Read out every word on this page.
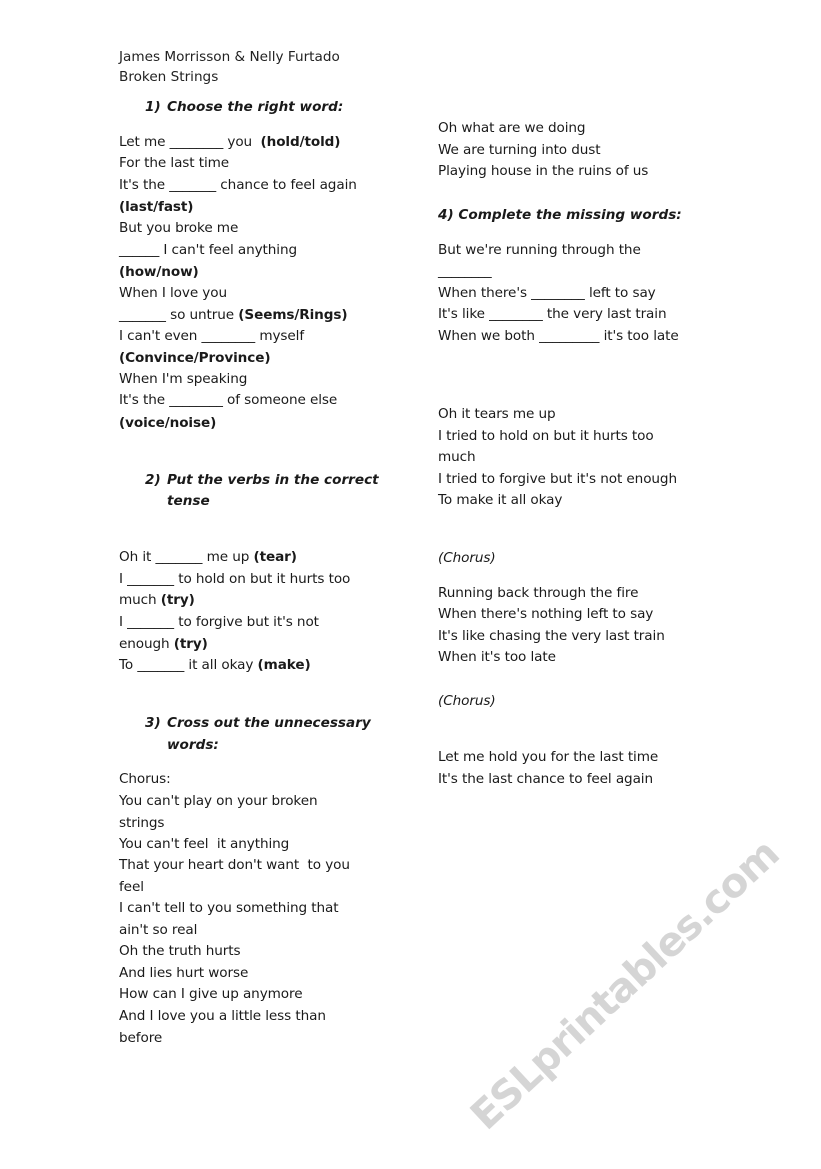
ESLprintables.com
James Morrisson & Nelly Furtado
Broken Strings
1) Choose the right word:
2) Put the verbs in the correct
tense
3) Cross out the unnecessary
words:
4) Complete the missing words:
Let me ________ you  (hold/told)
For the last time
It's the _______ chance to feel again
(last/fast)
But you broke me
______ I can't feel anything
(how/now)
When I love you
_______ so untrue (Seems/Rings)
I can't even ________ myself
(Convince/Province)
When I'm speaking
It's the ________ of someone else
(voice/noise)
Oh it _______ me up (tear)
I _______ to hold on but it hurts too
much (try)
I _______ to forgive but it's not
enough (try)
To _______ it all okay (make)
Chorus:
You can't play on your broken
strings
You can't feel  it anything
That your heart don't want  to you
feel
I can't tell to you something that
ain't so real
Oh the truth hurts
And lies hurt worse
How can I give up anymore
And I love you a little less than
before
Oh what are we doing
We are turning into dust
Playing house in the ruins of us
But we're running through the
________
When there's ________ left to say
It's like ________ the very last train
When we both _________ it's too late
Oh it tears me up
I tried to hold on but it hurts too
much
I tried to forgive but it's not enough
To make it all okay
(Chorus)
Running back through the fire
When there's nothing left to say
It's like chasing the very last train
When it's too late
(Chorus)
Let me hold you for the last time
It's the last chance to feel again
